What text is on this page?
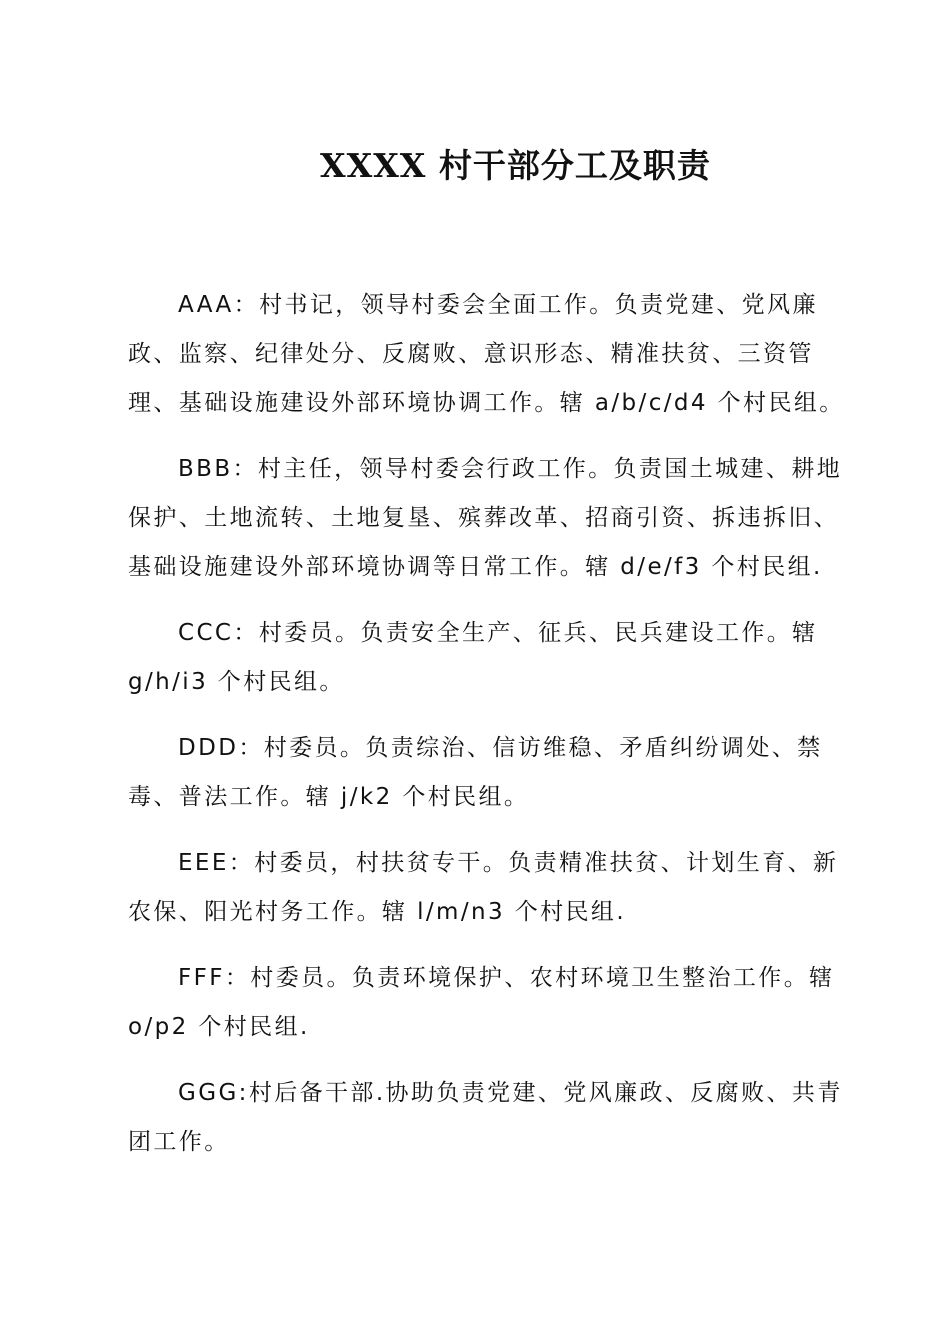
XXXX 村干部分工及职责

AAA：村书记，领导村委会全面工作。负责党建、党风廉政、监察、纪律处分、反腐败、意识形态、精准扶贫、三资管理、基础设施建设外部环境协调工作。辖 a/b/c/d4 个村民组。

BBB：村主任，领导村委会行政工作。负责国土城建、耕地保护、土地流转、土地复垦、殡葬改革、招商引资、拆违拆旧、基础设施建设外部环境协调等日常工作。辖 d/e/f3 个村民组.

CCC：村委员。负责安全生产、征兵、民兵建设工作。辖 g/h/i3 个村民组。

DDD：村委员。负责综治、信访维稳、矛盾纠纷调处、禁毒、普法工作。辖 j/k2 个村民组。

EEE：村委员，村扶贫专干。负责精准扶贫、计划生育、新农保、阳光村务工作。辖 l/m/n3 个村民组.

FFF：村委员。负责环境保护、农村环境卫生整治工作。辖 o/p2 个村民组.

GGG:村后备干部.协助负责党建、党风廉政、反腐败、共青团工作。
